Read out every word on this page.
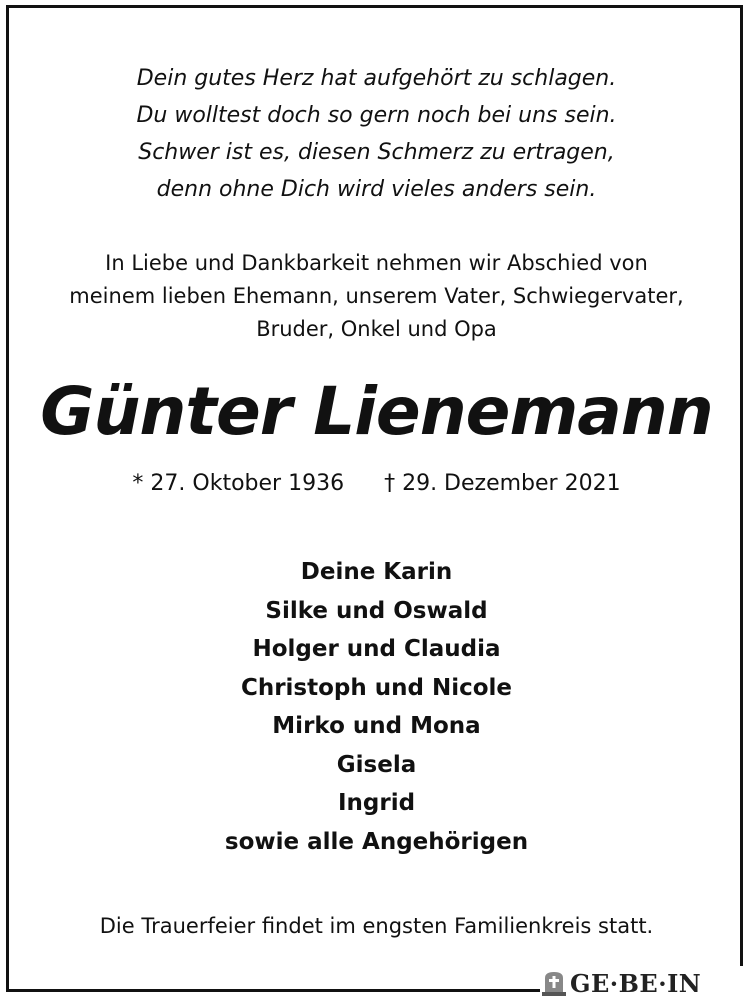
Dein gutes Herz hat aufgehört zu schlagen.
Du wolltest doch so gern noch bei uns sein.
Schwer ist es, diesen Schmerz zu ertragen,
denn ohne Dich wird vieles anders sein.
In Liebe und Dankbarkeit nehmen wir Abschied von
meinem lieben Ehemann, unserem Vater, Schwiegervater,
Bruder, Onkel und Opa
Günter Lienemann
* 27. Oktober 1936 † 29. Dezember 2021
Deine Karin
Silke und Oswald
Holger und Claudia
Christoph und Nicole
Mirko und Mona
Gisela
Ingrid
sowie alle Angehörigen
Die Trauerfeier findet im engsten Familienkreis statt.
GE·BE·IN
